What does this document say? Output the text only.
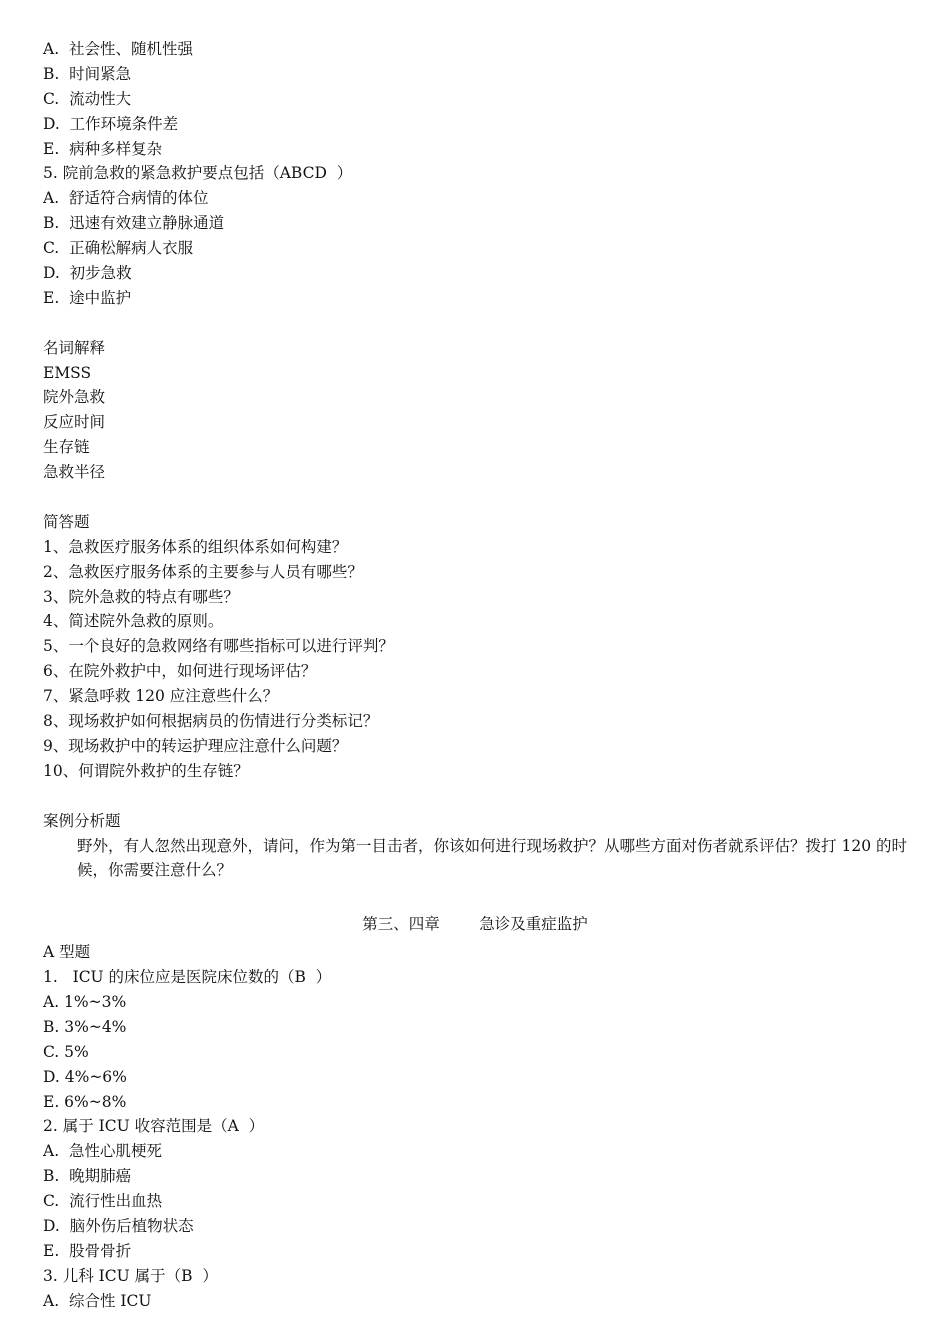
A.  社会性、随机性强

B.  时间紧急

C.  流动性大

D.  工作环境条件差

E.  病种多样复杂

5. 院前急救的紧急救护要点包括（ABCD  ）

A.  舒适符合病情的体位

B.  迅速有效建立静脉通道

C.  正确松解病人衣服

D.  初步急救

E.  途中监护

名词解释

EMSS

院外急救

反应时间

生存链

急救半径

简答题

1、急救医疗服务体系的组织体系如何构建？

2、急救医疗服务体系的主要参与人员有哪些？

3、院外急救的特点有哪些？

4、简述院外急救的原则。

5、一个良好的急救网络有哪些指标可以进行评判？

6、在院外救护中，如何进行现场评估？

7、紧急呼救 120 应注意些什么？

8、现场救护如何根据病员的伤情进行分类标记？

9、现场救护中的转运护理应注意什么问题？

10、何谓院外救护的生存链？

案例分析题

野外，有人忽然出现意外，请问，作为第一目击者，你该如何进行现场救护？从哪些方面对伤者就系评估？拨打 120 的时候，你需要注意什么？

第三、四章        急诊及重症监护

A 型题

1.   ICU 的床位应是医院床位数的（B  ）

A. 1%~3%

B. 3%~4%

C. 5%

D. 4%~6%

E. 6%~8%

2. 属于 ICU 收容范围是（A  ）

A.  急性心肌梗死

B.  晚期肺癌

C.  流行性出血热

D.  脑外伤后植物状态

E.  股骨骨折

3. 儿科 ICU 属于（B  ）

A.  综合性 ICU
